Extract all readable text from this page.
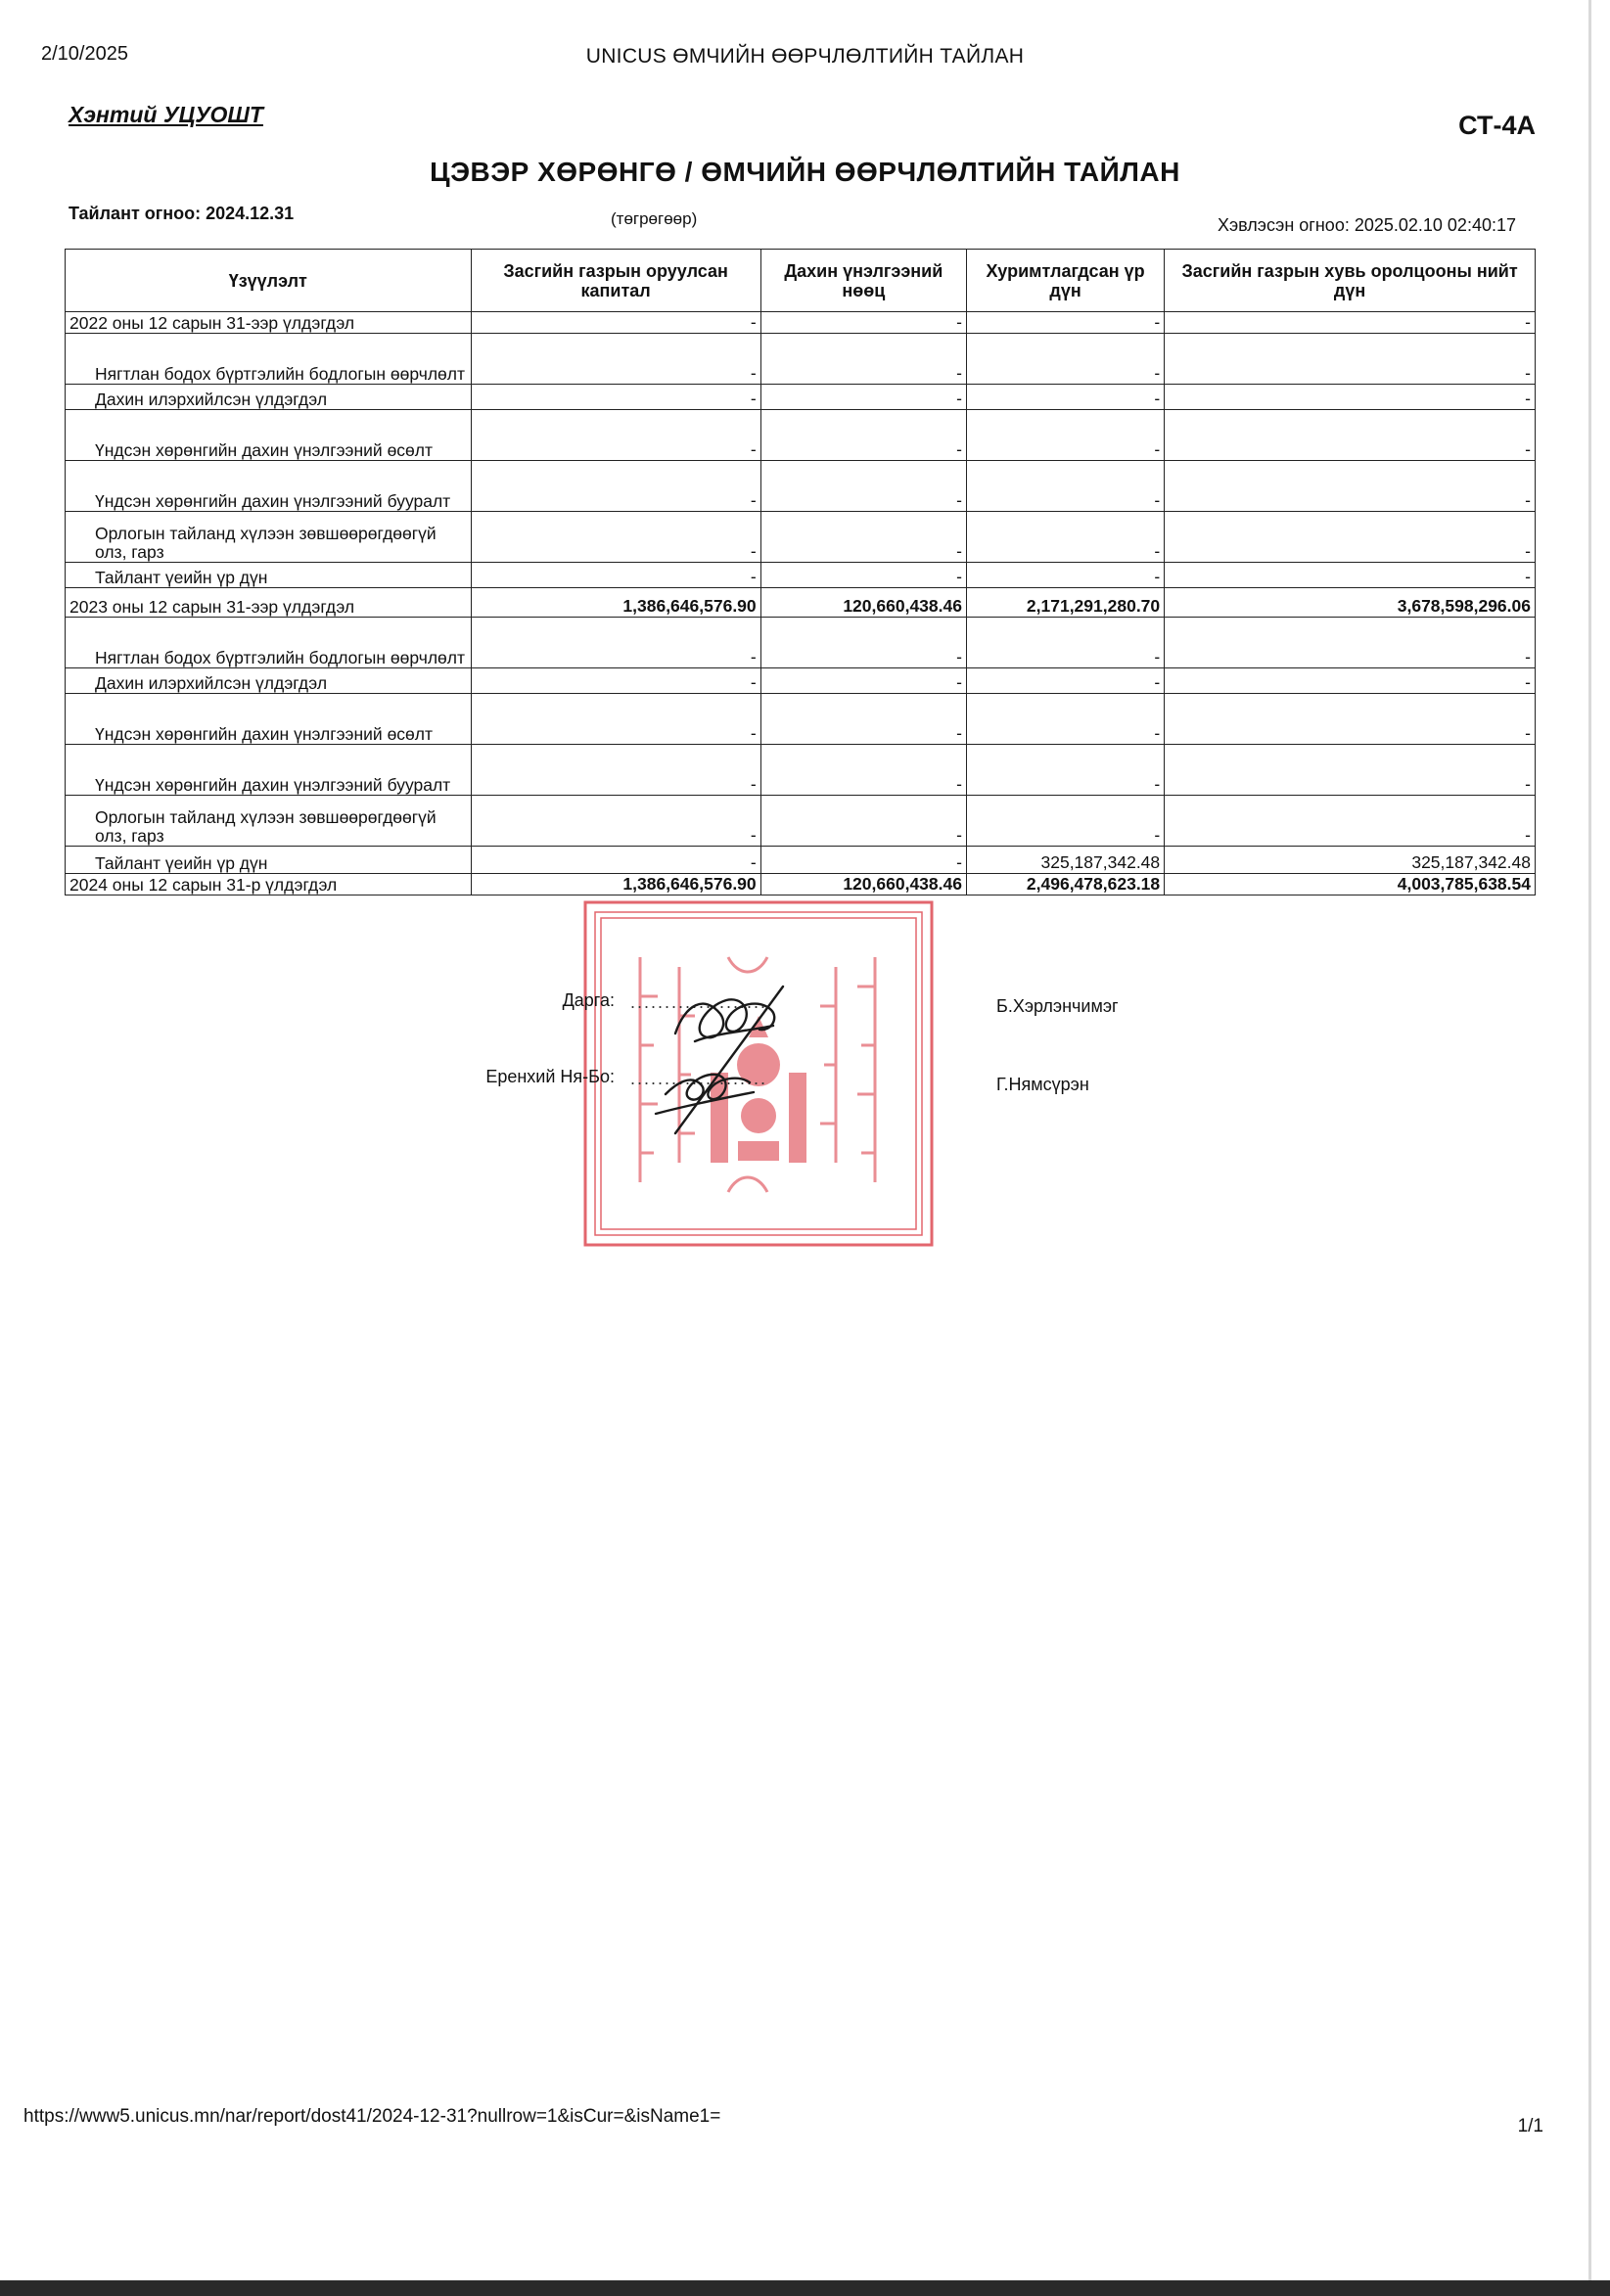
2/10/2025	UNICUS ӨМЧИЙН ӨӨРЧЛӨЛТИЙН ТАЙЛАН
Хэнтий УЦУОШТ	СТ-4А
ЦЭВЭР ХӨРӨНГӨ / ӨМЧИЙН ӨӨРЧЛӨЛТИЙН ТАЙЛАН
Тайлант огноо: 2024.12.31	(төгрөгөөр)	Хэвлэсэн огноо: 2025.02.10 02:40:17
Үзүүлэлт	Засгийн газрын оруулсан капитал	Дахин үнэлгээний нөөц	Хуримтлагдсан үр дүн	Засгийн газрын хувь оролцооны нийт дүн
2022 оны 12 сарын 31-ээр үлдэгдэл	-	-	-	-
Нягтлан бодох бүртгэлийн бодлогын өөрчлөлт	-	-	-	-
Дахин илэрхийлсэн үлдэгдэл	-	-	-	-
Үндсэн хөрөнгийн дахин үнэлгээний өсөлт	-	-	-	-
Үндсэн хөрөнгийн дахин үнэлгээний бууралт	-	-	-	-
Орлогын тайланд хүлээн зөвшөөрөгдөөгүй олз, гарз	-	-	-	-
Тайлант үеийн үр дүн	-	-	-	-
2023 оны 12 сарын 31-ээр үлдэгдэл	1,386,646,576.90	120,660,438.46	2,171,291,280.70	3,678,598,296.06
Нягтлан бодох бүртгэлийн бодлогын өөрчлөлт	-	-	-	-
Дахин илэрхийлсэн үлдэгдэл	-	-	-	-
Үндсэн хөрөнгийн дахин үнэлгээний өсөлт	-	-	-	-
Үндсэн хөрөнгийн дахин үнэлгээний бууралт	-	-	-	-
Орлогын тайланд хүлээн зөвшөөрөгдөөгүй олз, гарз	-	-	-	-
Тайлант үеийн үр дүн	-	-	325,187,342.48	325,187,342.48
2024 оны 12 сарын 31-р үлдэгдэл	1,386,646,576.90	120,660,438.46	2,496,478,623.18	4,003,785,638.54
Дарга: ....................	Б.Хэрлэнчимэг
Еренхий Ня-Бо: ....................	Г.Нямсүрэн
https://www5.unicus.mn/nar/report/dost41/2024-12-31?nullrow=1&isCur=&isName1=	1/1
